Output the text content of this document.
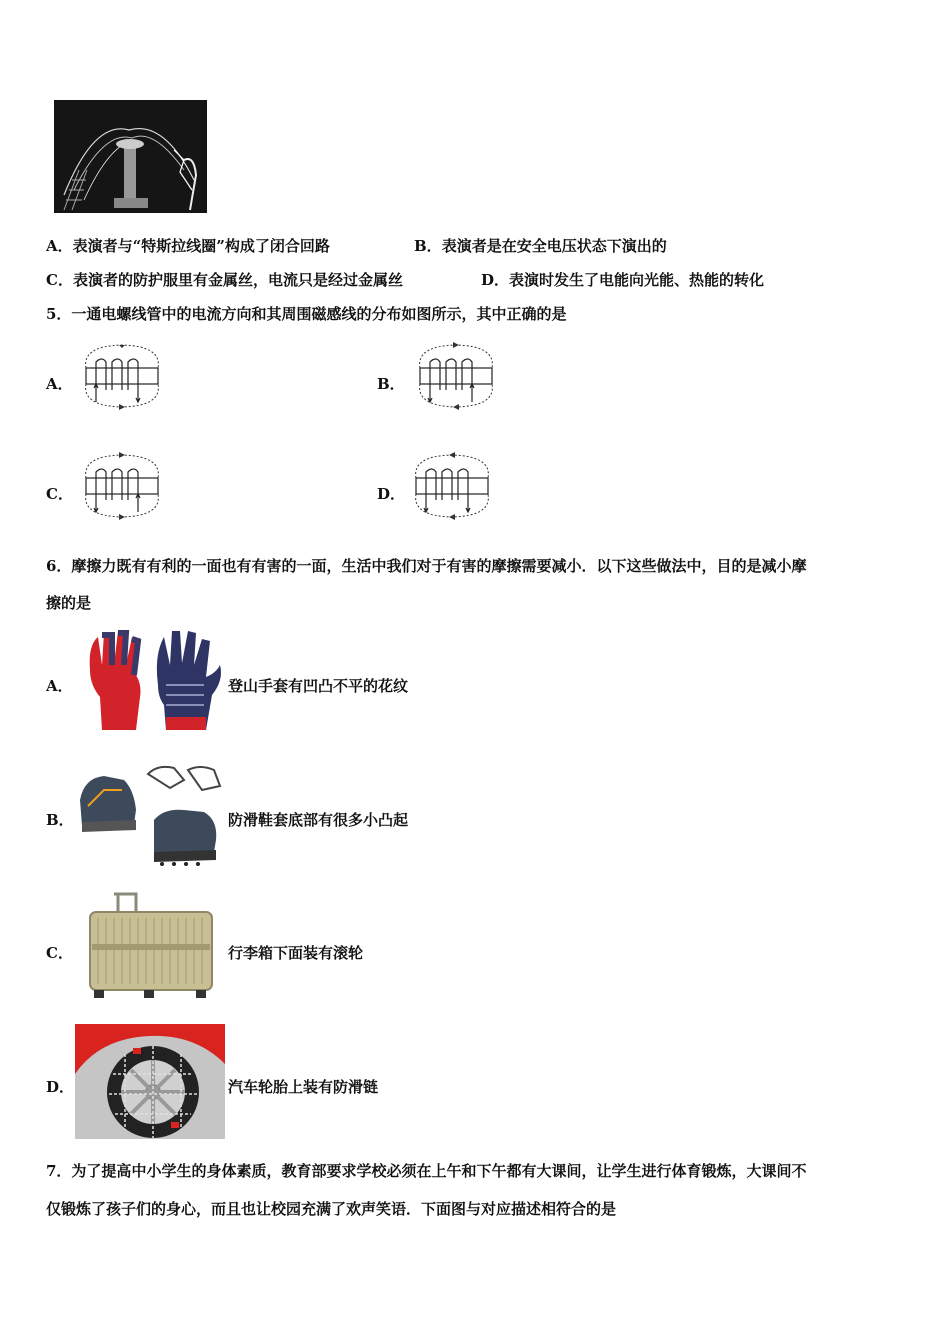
A．表演者与“特斯拉线圈”构成了闭合回路	B．表演者是在安全电压状态下演出的
C．表演者的防护服里有金属丝，电流只是经过金属丝	D．表演时发生了电能向光能、热能的转化
5．一通电螺线管中的电流方向和其周围磁感线的分布如图所示，其中正确的是
A．	B．
C．	D．
6．摩擦力既有有利的一面也有有害的一面，生活中我们对于有害的摩擦需要减小．以下这些做法中，目的是减小摩
擦的是
A．	登山手套有凹凸不平的花纹
B．	防滑鞋套底部有很多小凸起
C．	行李箱下面装有滚轮
D．	汽车轮胎上装有防滑链
7．为了提高中小学生的身体素质，教育部要求学校必须在上午和下午都有大课间，让学生进行体育锻炼，大课间不
仅锻炼了孩子们的身心，而且也让校园充满了欢声笑语．下面图与对应描述相符合的是
